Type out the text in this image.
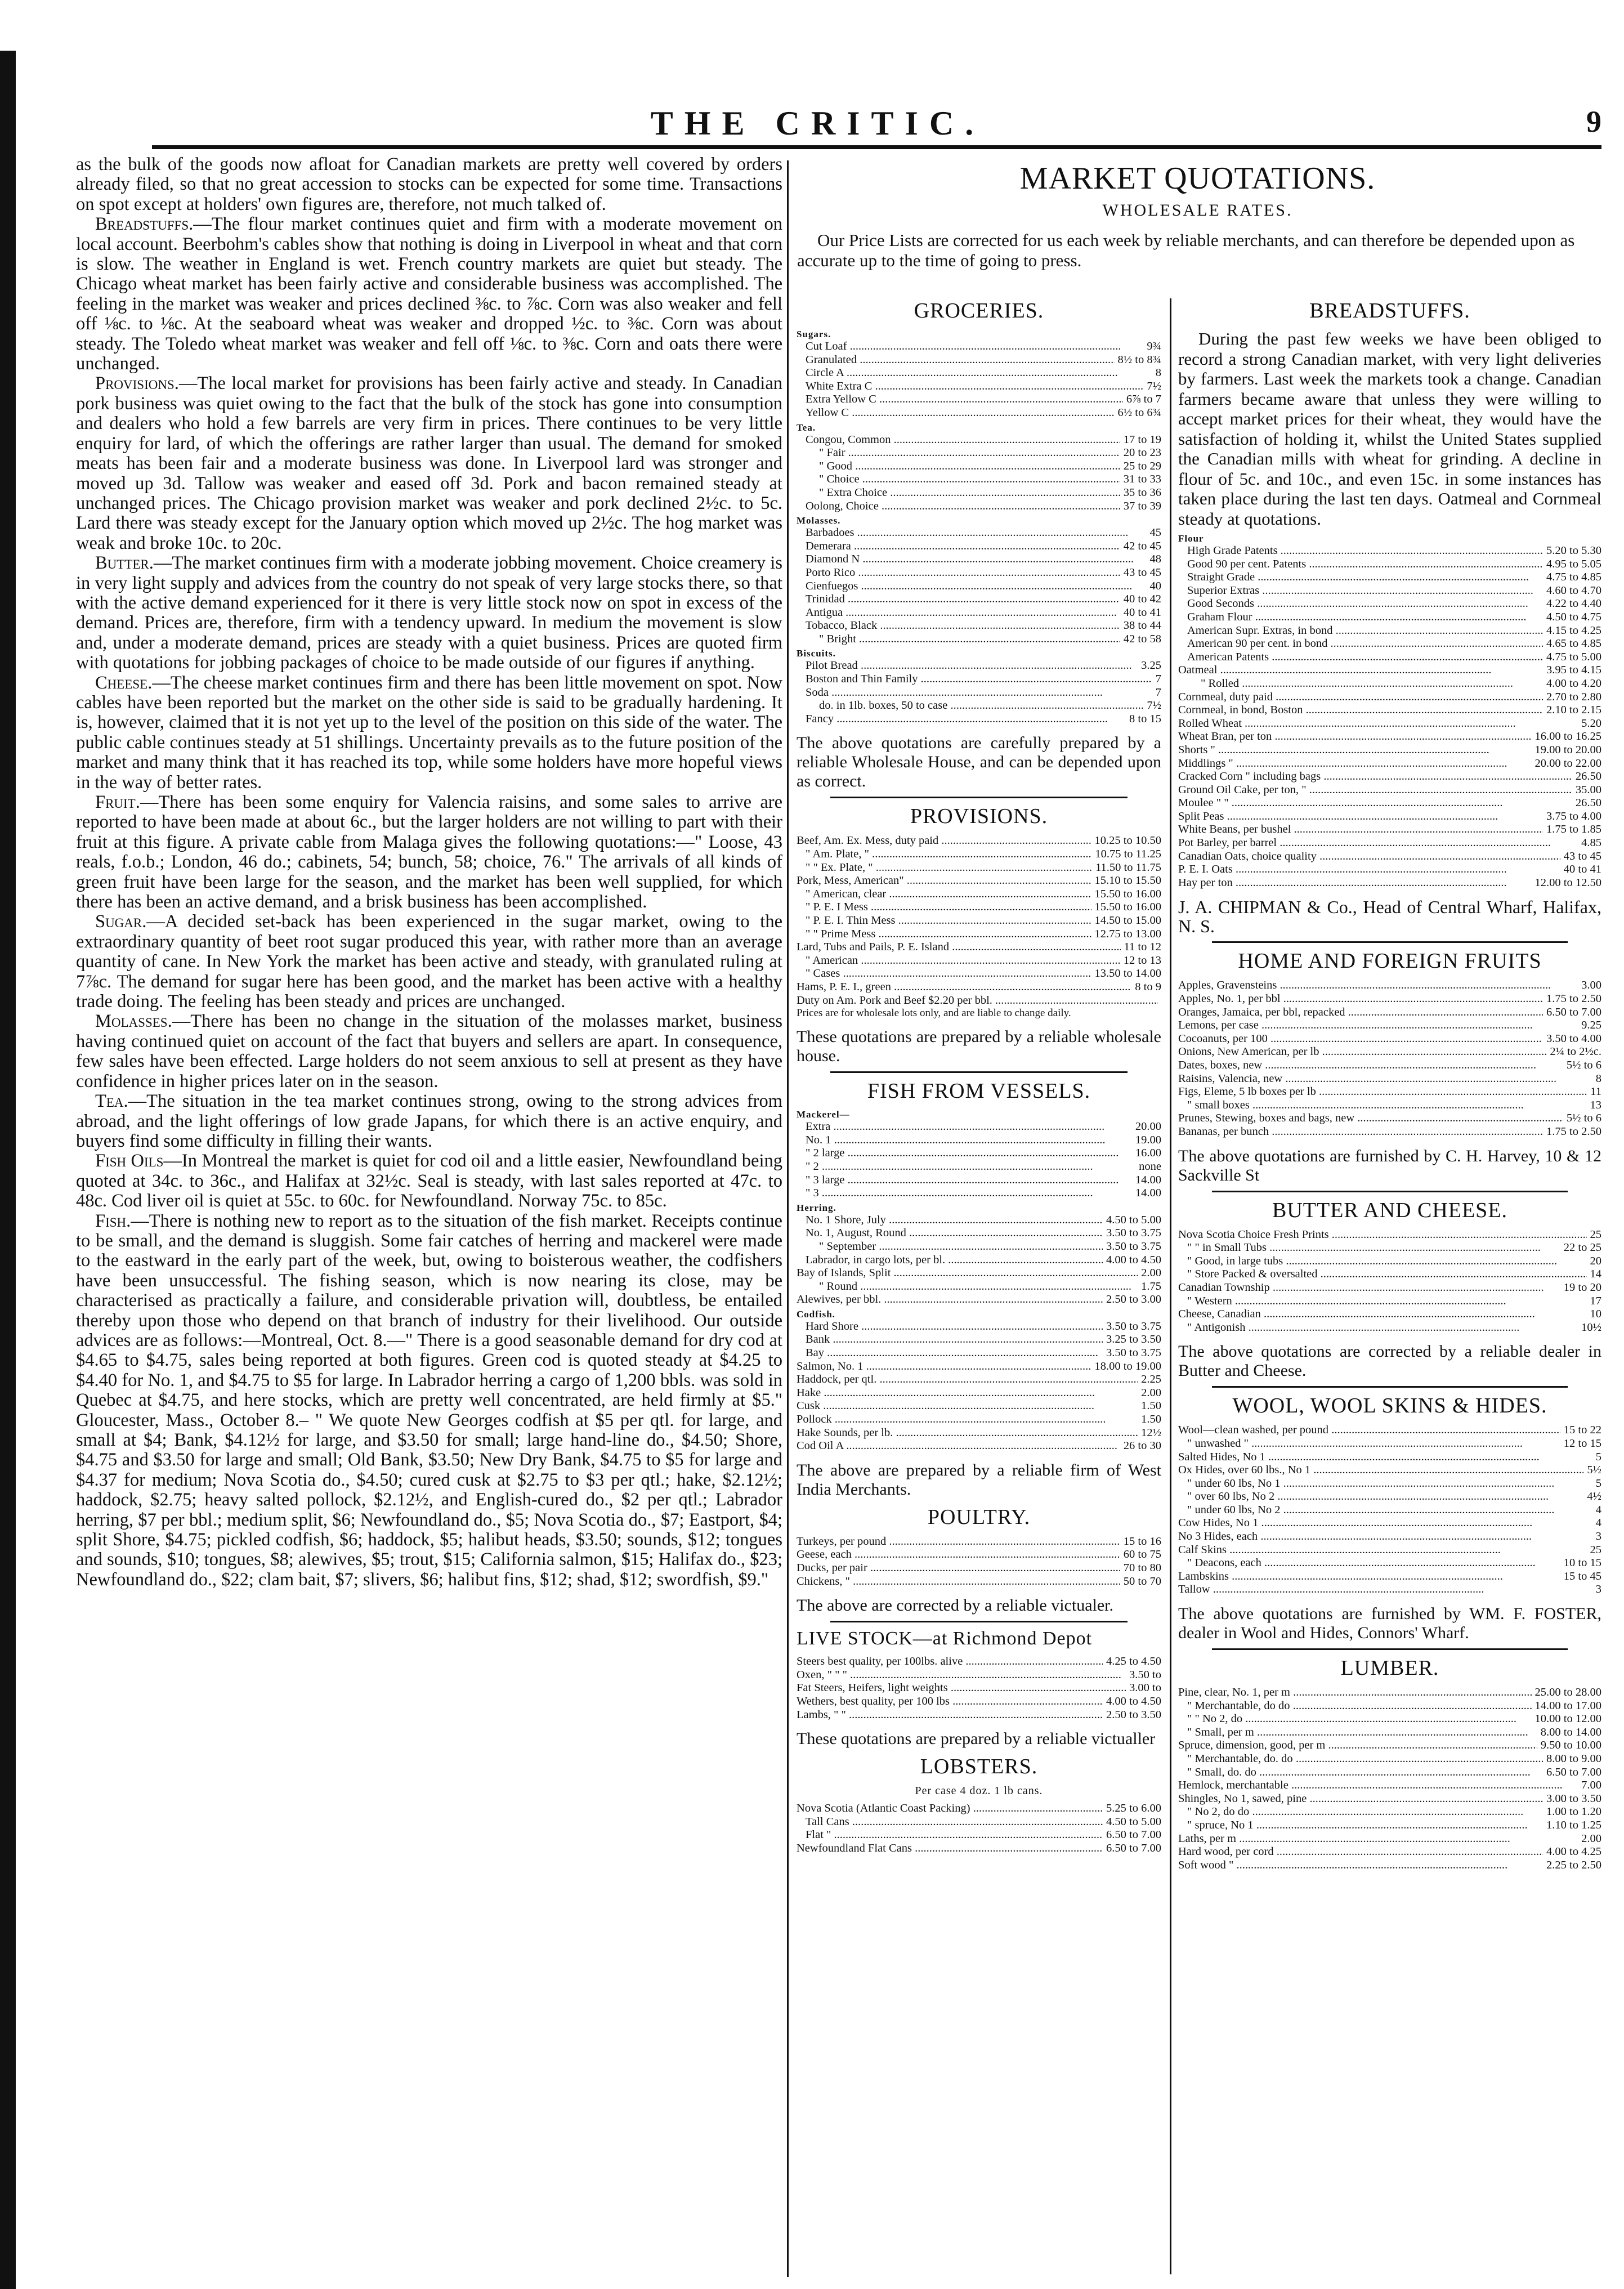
THE CRITIC.	9

as the bulk of the goods now afloat for Canadian markets are pretty well covered by orders already filed, so that no great accession to stocks can be expected for some time. Transactions on spot except at holders' own figures are, therefore, not much talked of.

Breadstuffs.—The flour market continues quiet and firm with a moderate movement on local account. Beerbohm's cables show that nothing is doing in Liverpool in wheat and that corn is slow. The weather in England is wet. French country markets are quiet but steady. The Chicago wheat market has been fairly active and considerable business was accomplished. The feeling in the market was weaker and prices declined ⅜c. to ⅞c. Corn was also weaker and fell off ⅛c. to ⅛c. At the seaboard wheat was weaker and dropped ½c. to ⅜c. Corn was about steady. The Toledo wheat market was weaker and fell off ⅛c. to ⅜c. Corn and oats there were unchanged.

Provisions.—The local market for provisions has been fairly active and steady. In Canadian pork business was quiet owing to the fact that the bulk of the stock has gone into consumption and dealers who hold a few barrels are very firm in prices. There continues to be very little enquiry for lard, of which the offerings are rather larger than usual. The demand for smoked meats has been fair and a moderate business was done. In Liverpool lard was stronger and moved up 3d. Tallow was weaker and eased off 3d. Pork and bacon remained steady at unchanged prices. The Chicago provision market was weaker and pork declined 2½c. to 5c. Lard there was steady except for the January option which moved up 2½c. The hog market was weak and broke 10c. to 20c.

Butter.—The market continues firm with a moderate jobbing movement. Choice creamery is in very light supply and advices from the country do not speak of very large stocks there, so that with the active demand experienced for it there is very little stock now on spot in excess of the demand. Prices are, therefore, firm with a tendency upward. In medium the movement is slow and, under a moderate demand, prices are steady with a quiet business. Prices are quoted firm with quotations for jobbing packages of choice to be made outside of our figures if anything.

Cheese.—The cheese market continues firm and there has been little movement on spot. Now cables have been reported but the market on the other side is said to be gradually hardening. It is, however, claimed that it is not yet up to the level of the position on this side of the water. The public cable continues steady at 51 shillings. Uncertainty prevails as to the future position of the market and many think that it has reached its top, while some holders have more hopeful views in the way of better rates.

Fruit.—There has been some enquiry for Valencia raisins, and some sales to arrive are reported to have been made at about 6c., but the larger holders are not willing to part with their fruit at this figure. A private cable from Malaga gives the following quotations:—" Loose, 43 reals, f.o.b.; London, 46 do.; cabinets, 54; bunch, 58; choice, 76." The arrivals of all kinds of green fruit have been large for the season, and the market has been well supplied, for which there has been an active demand, and a brisk business has been accomplished.

Sugar.—A decided set-back has been experienced in the sugar market, owing to the extraordinary quantity of beet root sugar produced this year, with rather more than an average quantity of cane. In New York the market has been active and steady, with granulated ruling at 7⅞c. The demand for sugar here has been good, and the market has been active with a healthy trade doing. The feeling has been steady and prices are unchanged.

Molasses.—There has been no change in the situation of the molasses market, business having continued quiet on account of the fact that buyers and sellers are apart. In consequence, few sales have been effected. Large holders do not seem anxious to sell at present as they have confidence in higher prices later on in the season.

Tea.—The situation in the tea market continues strong, owing to the strong advices from abroad, and the light offerings of low grade Japans, for which there is an active enquiry, and buyers find some difficulty in filling their wants.

Fish Oils—In Montreal the market is quiet for cod oil and a little easier, Newfoundland being quoted at 34c. to 36c., and Halifax at 32½c. Seal is steady, with last sales reported at 47c. to 48c. Cod liver oil is quiet at 55c. to 60c. for Newfoundland. Norway 75c. to 85c.

Fish.—There is nothing new to report as to the situation of the fish market. Receipts continue to be small, and the demand is sluggish. Some fair catches of herring and mackerel were made to the eastward in the early part of the week, but, owing to boisterous weather, the codfishers have been unsuccessful. The fishing season, which is now nearing its close, may be characterised as practically a failure, and considerable privation will, doubtless, be entailed thereby upon those who depend on that branch of industry for their livelihood. Our outside advices are as follows:—Montreal, Oct. 8.—" There is a good seasonable demand for dry cod at $4.65 to $4.75, sales being reported at both figures. Green cod is quoted steady at $4.25 to $4.40 for No. 1, and $4.75 to $5 for large. In Labrador herring a cargo of 1,200 bbls. was sold in Quebec at $4.75, and here stocks, which are pretty well concentrated, are held firmly at $5." Gloucester, Mass., October 8.– " We quote New Georges codfish at $5 per qtl. for large, and small at $4; Bank, $4.12½ for large, and $3.50 for small; large hand-line do., $4.50; Shore, $4.75 and $3.50 for large and small; Old Bank, $3.50; New Dry Bank, $4.75 to $5 for large and $4.37 for medium; Nova Scotia do., $4.50; cured cusk at $2.75 to $3 per qtl.; hake, $2.12½; haddock, $2.75; heavy salted pollock, $2.12½, and English-cured do., $2 per qtl.; Labrador herring, $7 per bbl.; medium split, $6; Newfoundland do., $5; Nova Scotia do., $7; Eastport, $4; split Shore, $4.75; pickled codfish, $6; haddock, $5; halibut heads, $3.50; sounds, $12; tongues and sounds, $10; tongues, $8; alewives, $5; trout, $15; California salmon, $15; Halifax do., $23; Newfoundland do., $22; clam bait, $7; slivers, $6; halibut fins, $12; shad, $12; swordfish, $9."

MARKET QUOTATIONS.
WHOLESALE RATES.
Our Price Lists are corrected for us each week by reliable merchants, and can therefore be depended upon as accurate up to the time of going to press.
GROCERIES.
Sugars.
Cut Loaf .....	9¾
Granulated .....	8½ to 8¾
Circle A .....	8
White Extra C .....	7½
Extra Yellow C .....	6⅞ to 7
Yellow C .....	6½ to 6¾
Tea.
Congou, Common .....	17 to 19
" Fair .....	20 to 23
" Good .....	25 to 29
" Choice .....	31 to 33
" Extra Choice .....	35 to 36
Oolong, Choice .....	37 to 39
Molasses.
Barbadoes .....	45
Demerara .....	42 to 45
Diamond N .....	48
Porto Rico .....	43 to 45
Cienfuegos .....	40
Trinidad .....	40 to 42
Antigua .....	40 to 41
Tobacco, Black .....	38 to 44
" Bright .....	42 to 58
Biscuits.
Pilot Bread .....	3.25
Boston and Thin Family .....	7
Soda .....	7
do. in 1lb. boxes, 50 to case .....	7½
Fancy .....	8 to 15
The above quotations are carefully prepared by a reliable Wholesale House, and can be depended upon as correct.
PROVISIONS.
Beef, Am. Ex. Mess, duty paid .....	10.25 to 10.50
" Am. Plate, " .....	10.75 to 11.25
" " Ex. Plate, " .....	11.50 to 11.75
Pork, Mess, American" .....	15.10 to 15.50
" American, clear .....	15.50 to 16.00
" P. E. I Mess .....	15.50 to 16.00
" P. E. I. Thin Mess .....	14.50 to 15.00
" " Prime Mess .....	12.75 to 13.00
Lard, Tubs and Pails, P. E. Island .....	11 to 12
" American .....	12 to 13
" Cases .....	13.50 to 14.00
Hams, P. E. I., green .....	8 to 9
Duty on Am. Pork and Beef $2.20 per bbl. .....
Prices are for wholesale lots only, and are liable to change daily.
These quotations are prepared by a reliable wholesale house.
FISH FROM VESSELS.
Mackerel—
Extra .....	20.00
No. 1 .....	19.00
" 2 large .....	16.00
" 2 .....	none
" 3 large .....	14.00
" 3 .....	14.00
Herring.
No. 1 Shore, July .....	4.50 to 5.00
No. 1, August, Round .....	3.50 to 3.75
" September .....	3.50 to 3.75
Labrador, in cargo lots, per bl. .....	4.00 to 4.50
Bay of Islands, Split .....	2.00
" Round .....	1.75
Alewives, per bbl. .....	2.50 to 3.00
Codfish.
Hard Shore .....	3.50 to 3.75
Bank .....	3.25 to 3.50
Bay .....	3.50 to 3.75
Salmon, No. 1 .....	18.00 to 19.00
Haddock, per qtl. .....	2.25
Hake .....	2.00
Cusk .....	1.50
Pollock .....	1.50
Hake Sounds, per lb. .....	12½
Cod Oil A .....	26 to 30
The above are prepared by a reliable firm of West India Merchants.
POULTRY.
Turkeys, per pound .....	15 to 16
Geese, each .....	60 to 75
Ducks, per pair .....	70 to 80
Chickens, " .....	50 to 70
The above are corrected by a reliable victualer.
LIVE STOCK—at Richmond Depot
Steers best quality, per 100lbs. alive .....	4.25 to 4.50
Oxen, " " " .....	3.50 to
Fat Steers, Heifers, light weights .....	3.00 to
Wethers, best quality, per 100 lbs .....	4.00 to 4.50
Lambs, " " .....	2.50 to 3.50
These quotations are prepared by a reliable victualler
LOBSTERS.
Per case 4 doz. 1 lb cans.
Nova Scotia (Atlantic Coast Packing) .....	5.25 to 6.00
Tall Cans .....	4.50 to 5.00
Flat " .....	6.50 to 7.00
Newfoundland Flat Cans .....	6.50 to 7.00
BREADSTUFFS.
During the past few weeks we have been obliged to record a strong Canadian market, with very light deliveries by farmers. Last week the markets took a change. Canadian farmers became aware that unless they were willing to accept market prices for their wheat, they would have the satisfaction of holding it, whilst the United States supplied the Canadian mills with wheat for grinding. A decline in flour of 5c. and 10c., and even 15c. in some instances has taken place during the last ten days. Oatmeal and Cornmeal steady at quotations.
Flour
High Grade Patents .....	5.20 to 5.30
Good 90 per cent. Patents .....	4.95 to 5.05
Straight Grade .....	4.75 to 4.85
Superior Extras .....	4.60 to 4.70
Good Seconds .....	4.22 to 4.40
Graham Flour .....	4.50 to 4.75
American Supr. Extras, in bond .....	4.15 to 4.25
American 90 per cent. in bond .....	4.65 to 4.85
American Patents .....	4.75 to 5.00
Oatmeal .....	3.95 to 4.15
" Rolled .....	4.00 to 4.20
Cornmeal, duty paid .....	2.70 to 2.80
Cornmeal, in bond, Boston .....	2.10 to 2.15
Rolled Wheat .....	5.20
Wheat Bran, per ton .....	16.00 to 16.25
Shorts " .....	19.00 to 20.00
Middlings " .....	20.00 to 22.00
Cracked Corn " including bags .....	26.50
Ground Oil Cake, per ton, " .....	35.00
Moulee " " .....	26.50
Split Peas .....	3.75 to 4.00
White Beans, per bushel .....	1.75 to 1.85
Pot Barley, per barrel .....	4.85
Canadian Oats, choice quality .....	43 to 45
P. E. I. Oats .....	40 to 41
Hay per ton .....	12.00 to 12.50
J. A. CHIPMAN & Co., Head of Central Wharf, Halifax, N. S.
HOME AND FOREIGN FRUITS
Apples, Gravensteins .....	3.00
Apples, No. 1, per bbl .....	1.75 to 2.50
Oranges, Jamaica, per bbl, repacked .....	6.50 to 7.00
Lemons, per case .....	9.25
Cocoanuts, per 100 .....	3.50 to 4.00
Onions, New American, per lb .....	2¼ to 2½c.
Dates, boxes, new .....	5½ to 6
Raisins, Valencia, new .....	8
Figs, Eleme, 5 lb boxes per lb .....	11
" small boxes .....	13
Prunes, Stewing, boxes and bags, new .....	5½ to 6
Bananas, per bunch .....	1.75 to 2.50
The above quotations are furnished by C. H. Harvey, 10 & 12 Sackville St
BUTTER AND CHEESE.
Nova Scotia Choice Fresh Prints .....	25
" " in Small Tubs .....	22 to 25
" Good, in large tubs .....	20
" Store Packed & oversalted .....	14
Canadian Township .....	19 to 20
" Western .....	17
Cheese, Canadian .....	10
" Antigonish .....	10½
The above quotations are corrected by a reliable dealer in Butter and Cheese.
WOOL, WOOL SKINS & HIDES.
Wool—clean washed, per pound .....	15 to 22
" unwashed " .....	12 to 15
Salted Hides, No 1 .....	5
Ox Hides, over 60 lbs., No 1 .....	5½
" under 60 lbs, No 1 .....	5
" over 60 lbs, No 2 .....	4½
" under 60 lbs, No 2 .....	4
Cow Hides, No 1 .....	4
No 3 Hides, each .....	3
Calf Skins .....	25
" Deacons, each .....	10 to 15
Lambskins .....	15 to 45
Tallow .....	3
The above quotations are furnished by WM. F. FOSTER, dealer in Wool and Hides, Connors' Wharf.
LUMBER.
Pine, clear, No. 1, per m .....	25.00 to 28.00
" Merchantable, do do .....	14.00 to 17.00
" " No 2, do .....	10.00 to 12.00
" Small, per m .....	8.00 to 14.00
Spruce, dimension, good, per m .....	9.50 to 10.00
" Merchantable, do. do .....	8.00 to 9.00
" Small, do. do .....	6.50 to 7.00
Hemlock, merchantable .....	7.00
Shingles, No 1, sawed, pine .....	3.00 to 3.50
" No 2, do do .....	1.00 to 1.20
" spruce, No 1 .....	1.10 to 1.25
Laths, per m .....	2.00
Hard wood, per cord .....	4.00 to 4.25
Soft wood " .....	2.25 to 2.50
